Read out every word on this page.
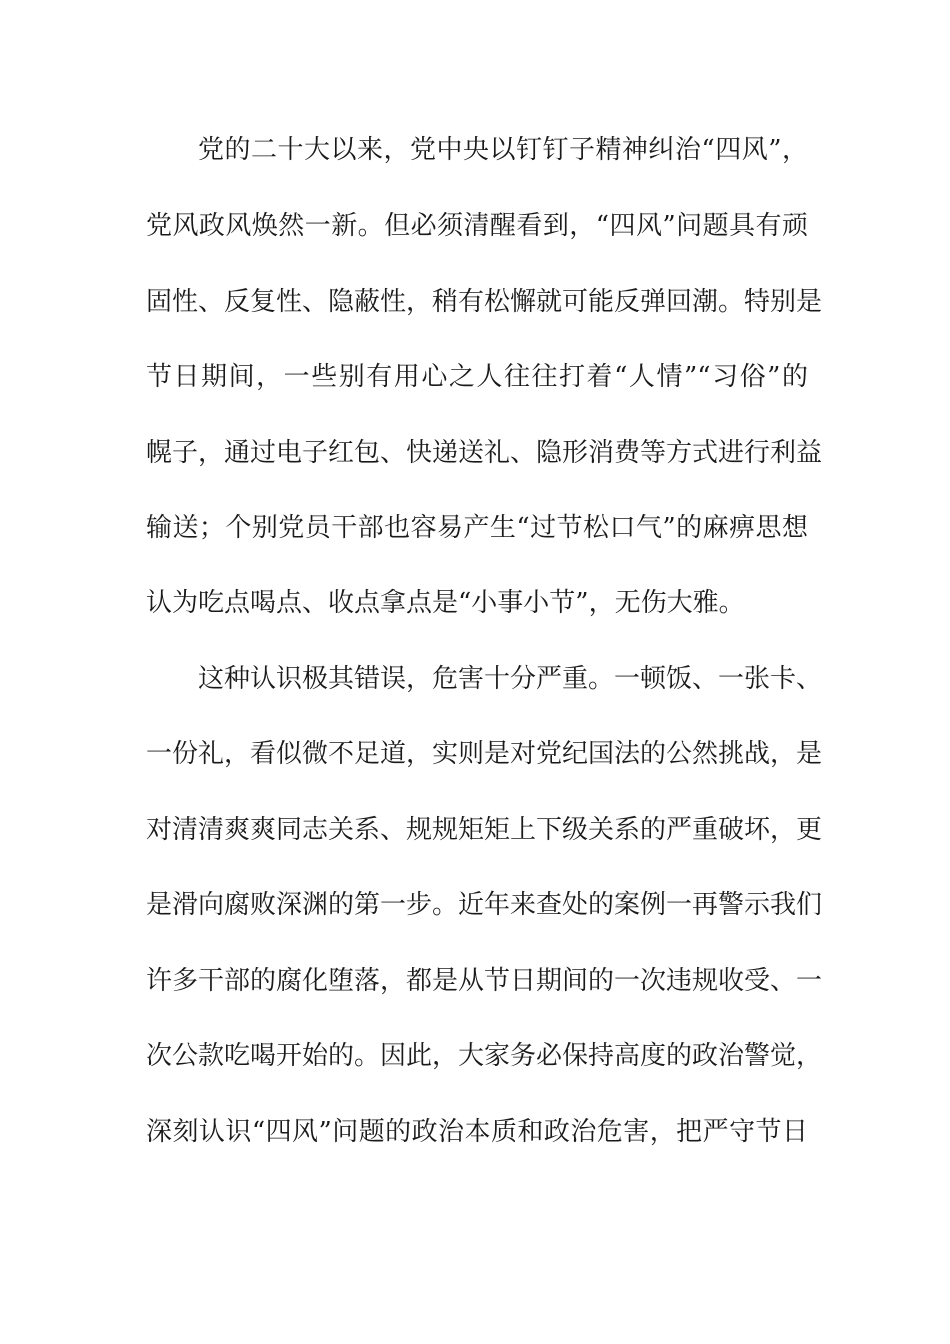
党的二十大以来，党中央以钉钉子精神纠治“四风”，
党风政风焕然一新。但必须清醒看到，“四风”问题具有顽
固性、反复性、隐蔽性，稍有松懈就可能反弹回潮。特别是
节日期间，一些别有用心之人往往打着“人情”“习俗”的
幌子，通过电子红包、快递送礼、隐形消费等方式进行利益
输送；个别党员干部也容易产生“过节松口气”的麻痹思想
认为吃点喝点、收点拿点是“小事小节”，无伤大雅。
这种认识极其错误，危害十分严重。一顿饭、一张卡、
一份礼，看似微不足道，实则是对党纪国法的公然挑战，是
对清清爽爽同志关系、规规矩矩上下级关系的严重破坏，更
是滑向腐败深渊的第一步。近年来查处的案例一再警示我们
许多干部的腐化堕落，都是从节日期间的一次违规收受、一
次公款吃喝开始的。因此，大家务必保持高度的政治警觉，
深刻认识“四风”问题的政治本质和政治危害，把严守节日
